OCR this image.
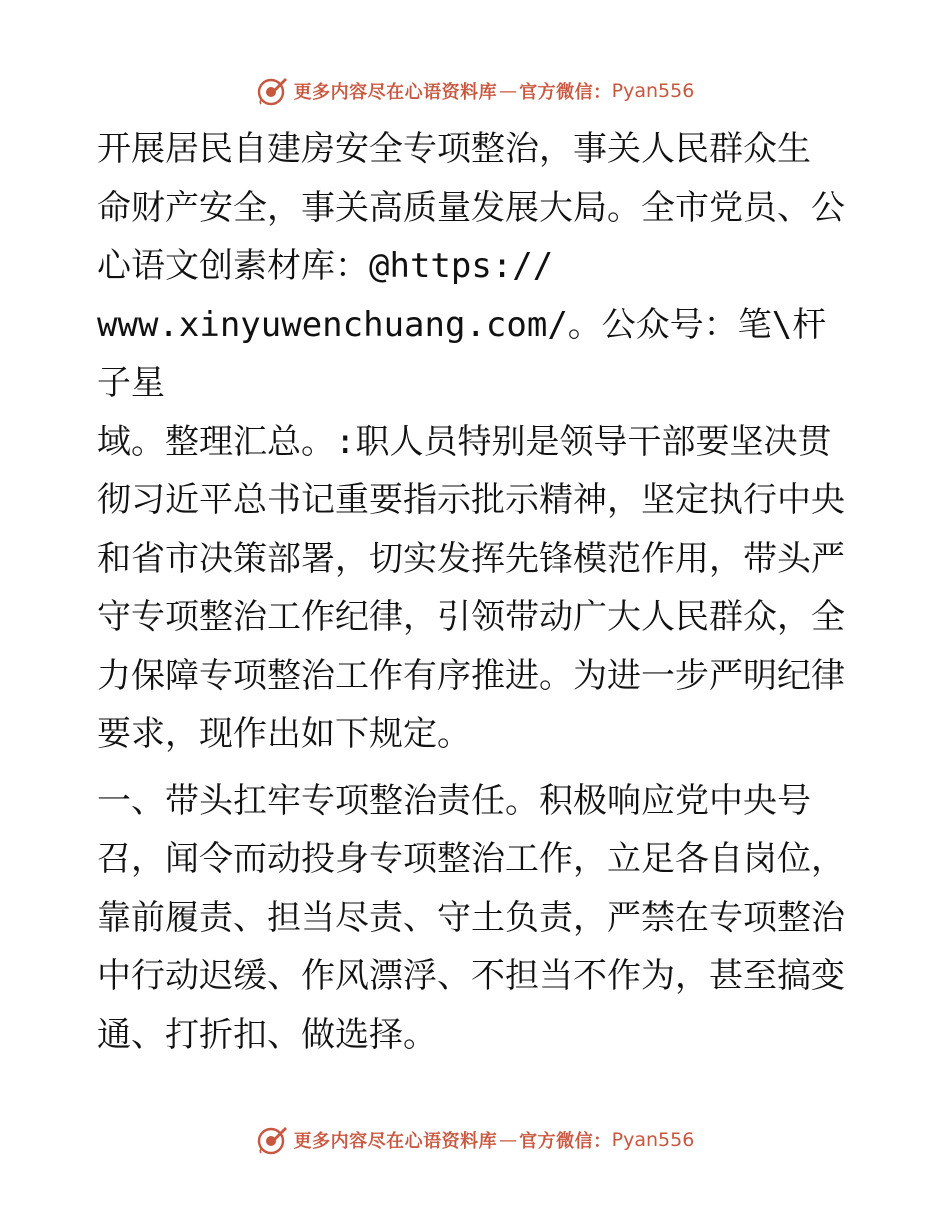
更多内容尽在心语资料库 — 官方微信： Pyan556

开展居民自建房安全专项整治，事关人民群众生
命财产安全，事关高质量发展大局。全市党员、公
心语文创素材库：@https://
www.xinyuwenchuang.com/。公众号：笔\杆子星
域。整理汇总。:职人员特别是领导干部要坚决贯
彻习近平总书记重要指示批示精神，坚定执行中央
和省市决策部署，切实发挥先锋模范作用，带头严
守专项整治工作纪律，引领带动广大人民群众，全
力保障专项整治工作有序推进。为进一步严明纪律
要求，现作出如下规定。

一、带头扛牢专项整治责任。积极响应党中央号
召，闻令而动投身专项整治工作，立足各自岗位，
靠前履责、担当尽责、守土负责，严禁在专项整治
中行动迟缓、作风漂浮、不担当不作为，甚至搞变
通、打折扣、做选择。

更多内容尽在心语资料库 — 官方微信： Pyan556
